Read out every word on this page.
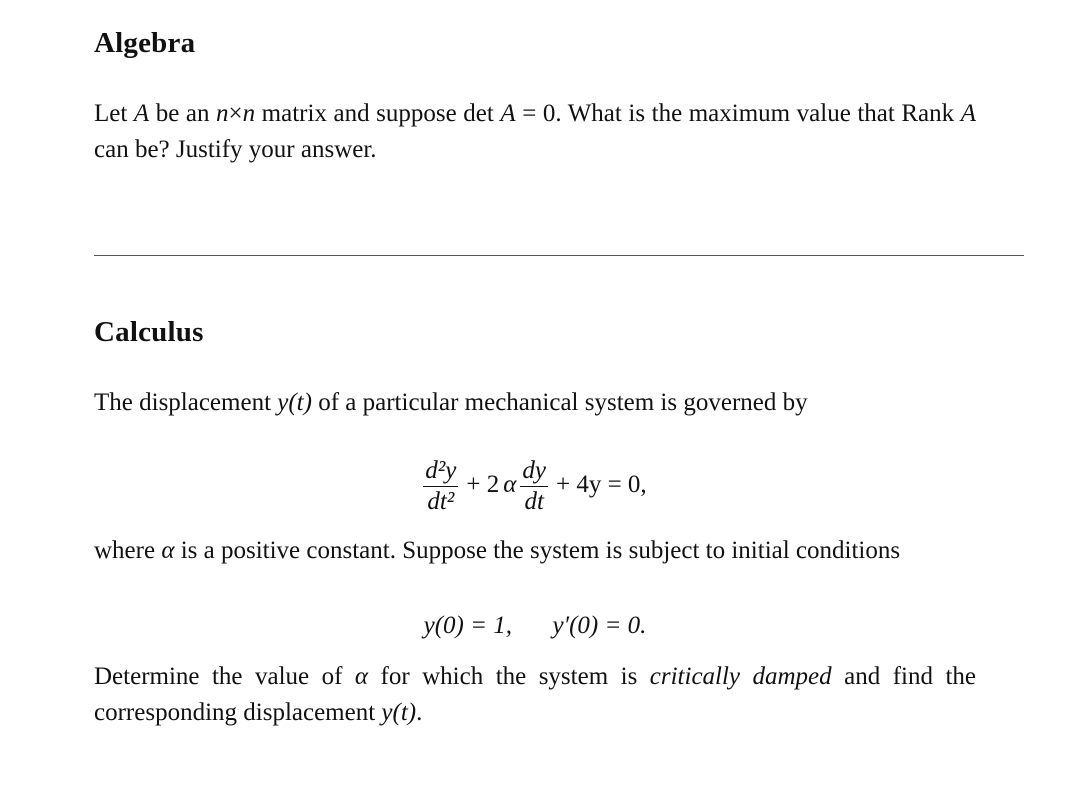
Algebra

Let A be an n×n matrix and suppose det A = 0. What is the maximum value that Rank A can be? Justify your answer.

Calculus

The displacement y(t) of a particular mechanical system is governed by

$\frac{\text{d²y}}{\text{dt²}} + 2$ α $\frac{dy}{dt} + 4y = 0$,

where α is a positive constant. Suppose the system is subject to initial conditions

y(0) = 1, y′(0) = 0.

Determine the value of α for which the system is critically damped and find the corresponding displacement y(t).
